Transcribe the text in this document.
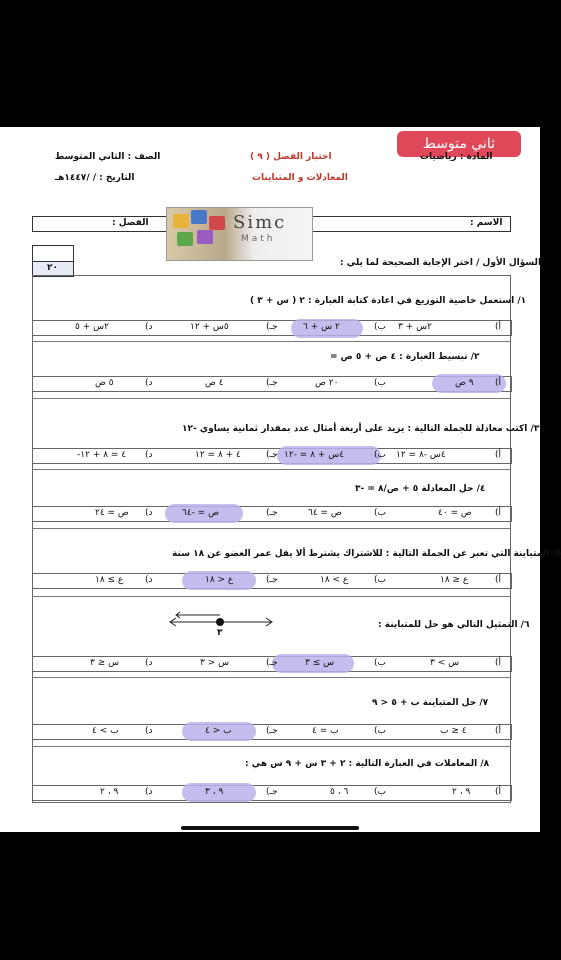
ثاني متوسط
المادة : رياضيات
الصف : الثاني المتوسط	اختبار الفصل ( ٩ )
المعادلات و المتباينات
التاريخ : / /١٤٤٧هـ
الاسم :
الفصل :	Simc
Math
٢٠	السؤال الأول / اختر الإجابة الصحيحة لما يلي :
١/ استعمل خاصية التوزيع في اعادة كتابة العبارة : ٢ ( س + ٣ )
أ)
٢س + ٣
ب)
٢ س + ٦
جـ)
٥س + ١٢
د)
٢س + ٥
٢/ تبسيط العبارة : ٤ ص + ٥ ص =
أ)
٩ ص
ب)
٢٠ ص
جـ)
٤ ص
د)
٥ ص
٣/ اكتب معادلة للجملة التالية : يزيد على أربعة أمثال عدد بمقدار ثمانية يساوي -١٢
أ)
٤س -٨ = ١٢
ب)
٤س + ٨ = -١٢
جـ)
٤ + ٨ = ١٢
د)
٤ = ٨ + ١٢-
٤/ حل المعادلة ٥ + ص/٨ = -٣
أ)
ص = ٤٠
ب)
ص = ٦٤
جـ)
ص = -٦٤
د)
ص = ٢٤
٥/ المتباينة التي تعبر عن الجملة التالية : للاشتراك يشترط ألا يقل عمر العضو عن ١٨ سنة
أ)
ع ≤ ١٨
ب)
ع > ١٨
جـ)
ع < ١٨
د)
ع ≥ ١٨
٣
٦/ التمثيل التالي هو حل للمتباينة :
أ)
س > ٣
ب)
س ≥ ٣
جـ)
س < ٣
د)
س ≤ ٣
٧/ حل المتباينة ب + ٥ < ٩
أ)
٤ ≤ ب
ب)
ب = ٤
جـ)
ب < ٤
د)
ب > ٤
٨/ المعاملات في العبارة التالية : ٢ + ٣ س + ٩ س هي :
أ)
٩ ، ٢
ب)
٦ ، ٥
جـ)
٩ ، ٣
د)
٩ ، ٢
